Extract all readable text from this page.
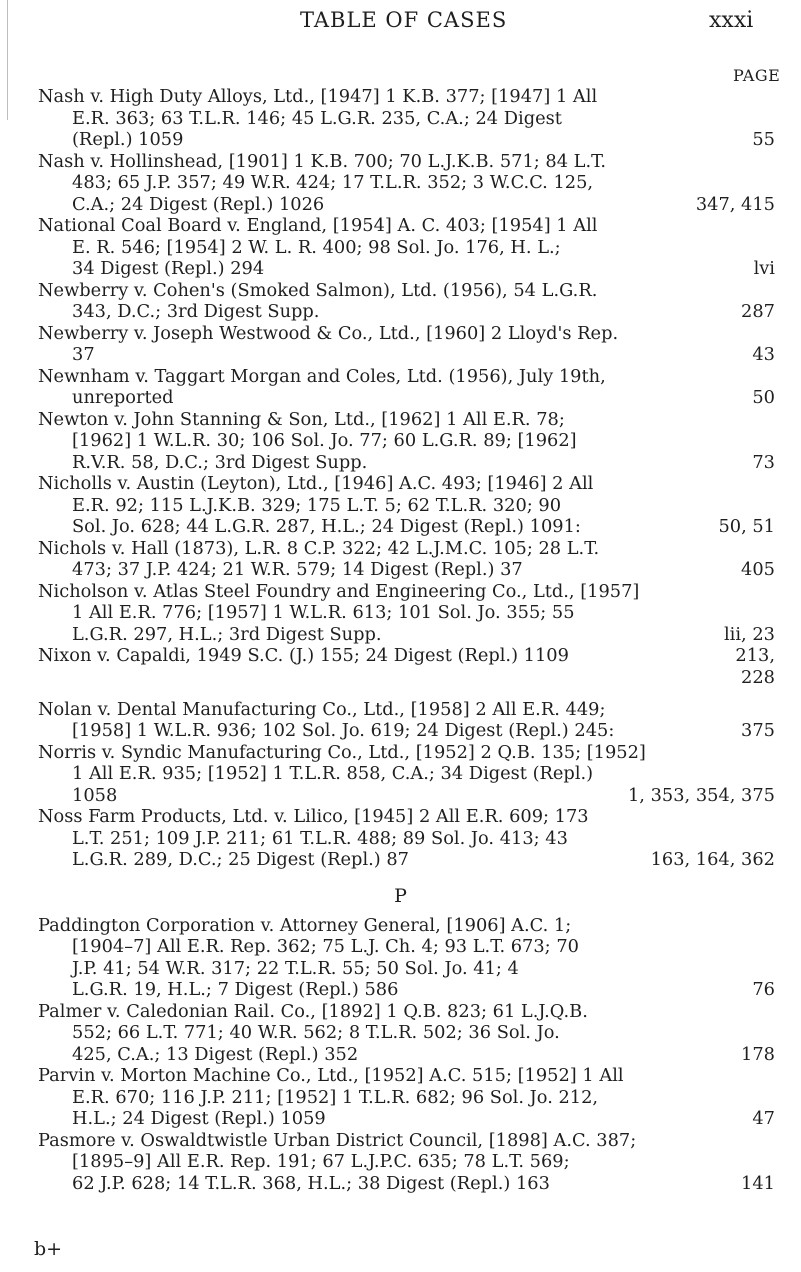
TABLE OF CASES	xxxi
PAGE
Nash v. High Duty Alloys, Ltd., [1947] 1 K.B. 377; [1947] 1 All
E.R. 363; 63 T.L.R. 146; 45 L.G.R. 235, C.A.; 24 Digest
(Repl.) 1059	55
Nash v. Hollinshead, [1901] 1 K.B. 700; 70 L.J.K.B. 571; 84 L.T.
483; 65 J.P. 357; 49 W.R. 424; 17 T.L.R. 352; 3 W.C.C. 125,
C.A.; 24 Digest (Repl.) 1026	347, 415
National Coal Board v. England, [1954] A. C. 403; [1954] 1 All
E. R. 546; [1954] 2 W. L. R. 400; 98 Sol. Jo. 176, H. L.;
34 Digest (Repl.) 294	lvi
Newberry v. Cohen's (Smoked Salmon), Ltd. (1956), 54 L.G.R.
343, D.C.; 3rd Digest Supp.	287
Newberry v. Joseph Westwood & Co., Ltd., [1960] 2 Lloyd's Rep.
37	43
Newnham v. Taggart Morgan and Coles, Ltd. (1956), July 19th,
unreported	50
Newton v. John Stanning & Son, Ltd., [1962] 1 All E.R. 78;
[1962] 1 W.L.R. 30; 106 Sol. Jo. 77; 60 L.G.R. 89; [1962]
R.V.R. 58, D.C.; 3rd Digest Supp.	73
Nicholls v. Austin (Leyton), Ltd., [1946] A.C. 493; [1946] 2 All
E.R. 92; 115 L.J.K.B. 329; 175 L.T. 5; 62 T.L.R. 320; 90
Sol. Jo. 628; 44 L.G.R. 287, H.L.; 24 Digest (Repl.) 1091:	50, 51
Nichols v. Hall (1873), L.R. 8 C.P. 322; 42 L.J.M.C. 105; 28 L.T.
473; 37 J.P. 424; 21 W.R. 579; 14 Digest (Repl.) 37	405
Nicholson v. Atlas Steel Foundry and Engineering Co., Ltd., [1957]
1 All E.R. 776; [1957] 1 W.L.R. 613; 101 Sol. Jo. 355; 55
L.G.R. 297, H.L.; 3rd Digest Supp.	lii, 23
Nixon v. Capaldi, 1949 S.C. (J.) 155; 24 Digest (Repl.) 1109	213,
228
Nolan v. Dental Manufacturing Co., Ltd., [1958] 2 All E.R. 449;
[1958] 1 W.L.R. 936; 102 Sol. Jo. 619; 24 Digest (Repl.) 245:	375
Norris v. Syndic Manufacturing Co., Ltd., [1952] 2 Q.B. 135; [1952]
1 All E.R. 935; [1952] 1 T.L.R. 858, C.A.; 34 Digest (Repl.)
1058	1, 353, 354, 375
Noss Farm Products, Ltd. v. Lilico, [1945] 2 All E.R. 609; 173
L.T. 251; 109 J.P. 211; 61 T.L.R. 488; 89 Sol. Jo. 413; 43
L.G.R. 289, D.C.; 25 Digest (Repl.) 87	163, 164, 362
P
Paddington Corporation v. Attorney General, [1906] A.C. 1;
[1904–7] All E.R. Rep. 362; 75 L.J. Ch. 4; 93 L.T. 673; 70
J.P. 41; 54 W.R. 317; 22 T.L.R. 55; 50 Sol. Jo. 41; 4
L.G.R. 19, H.L.; 7 Digest (Repl.) 586	76
Palmer v. Caledonian Rail. Co., [1892] 1 Q.B. 823; 61 L.J.Q.B.
552; 66 L.T. 771; 40 W.R. 562; 8 T.L.R. 502; 36 Sol. Jo.
425, C.A.; 13 Digest (Repl.) 352	178
Parvin v. Morton Machine Co., Ltd., [1952] A.C. 515; [1952] 1 All
E.R. 670; 116 J.P. 211; [1952] 1 T.L.R. 682; 96 Sol. Jo. 212,
H.L.; 24 Digest (Repl.) 1059	47
Pasmore v. Oswaldtwistle Urban District Council, [1898] A.C. 387;
[1895–9] All E.R. Rep. 191; 67 L.J.P.C. 635; 78 L.T. 569;
62 J.P. 628; 14 T.L.R. 368, H.L.; 38 Digest (Repl.) 163	141
b+
